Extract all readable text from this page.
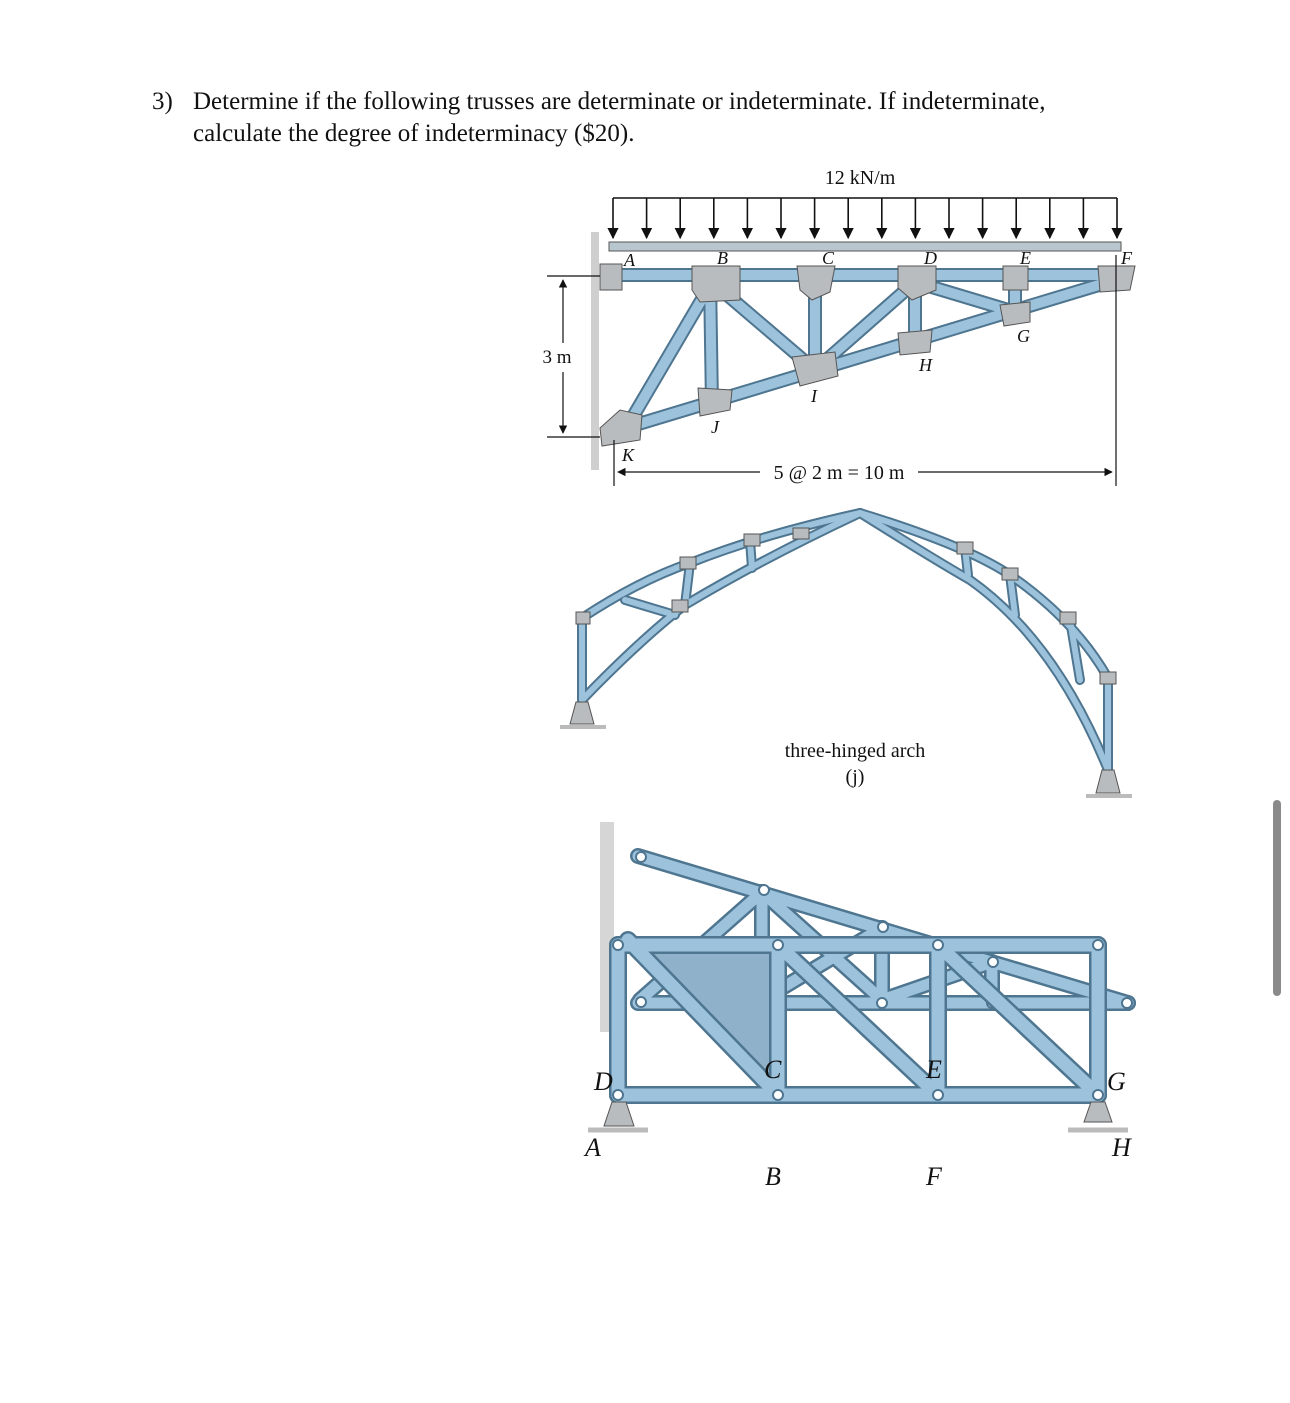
3) Determine if the following trusses are determinate or indeterminate. If indeterminate,
calculate the degree of indeterminacy ($20).
12 kN/m
A	B	C	D	E	F
G
H
I
J
K
3 m
5 @ 2 m = 10 m
three-hinged arch
(j)
D	C	E	G
A
B	F
H
